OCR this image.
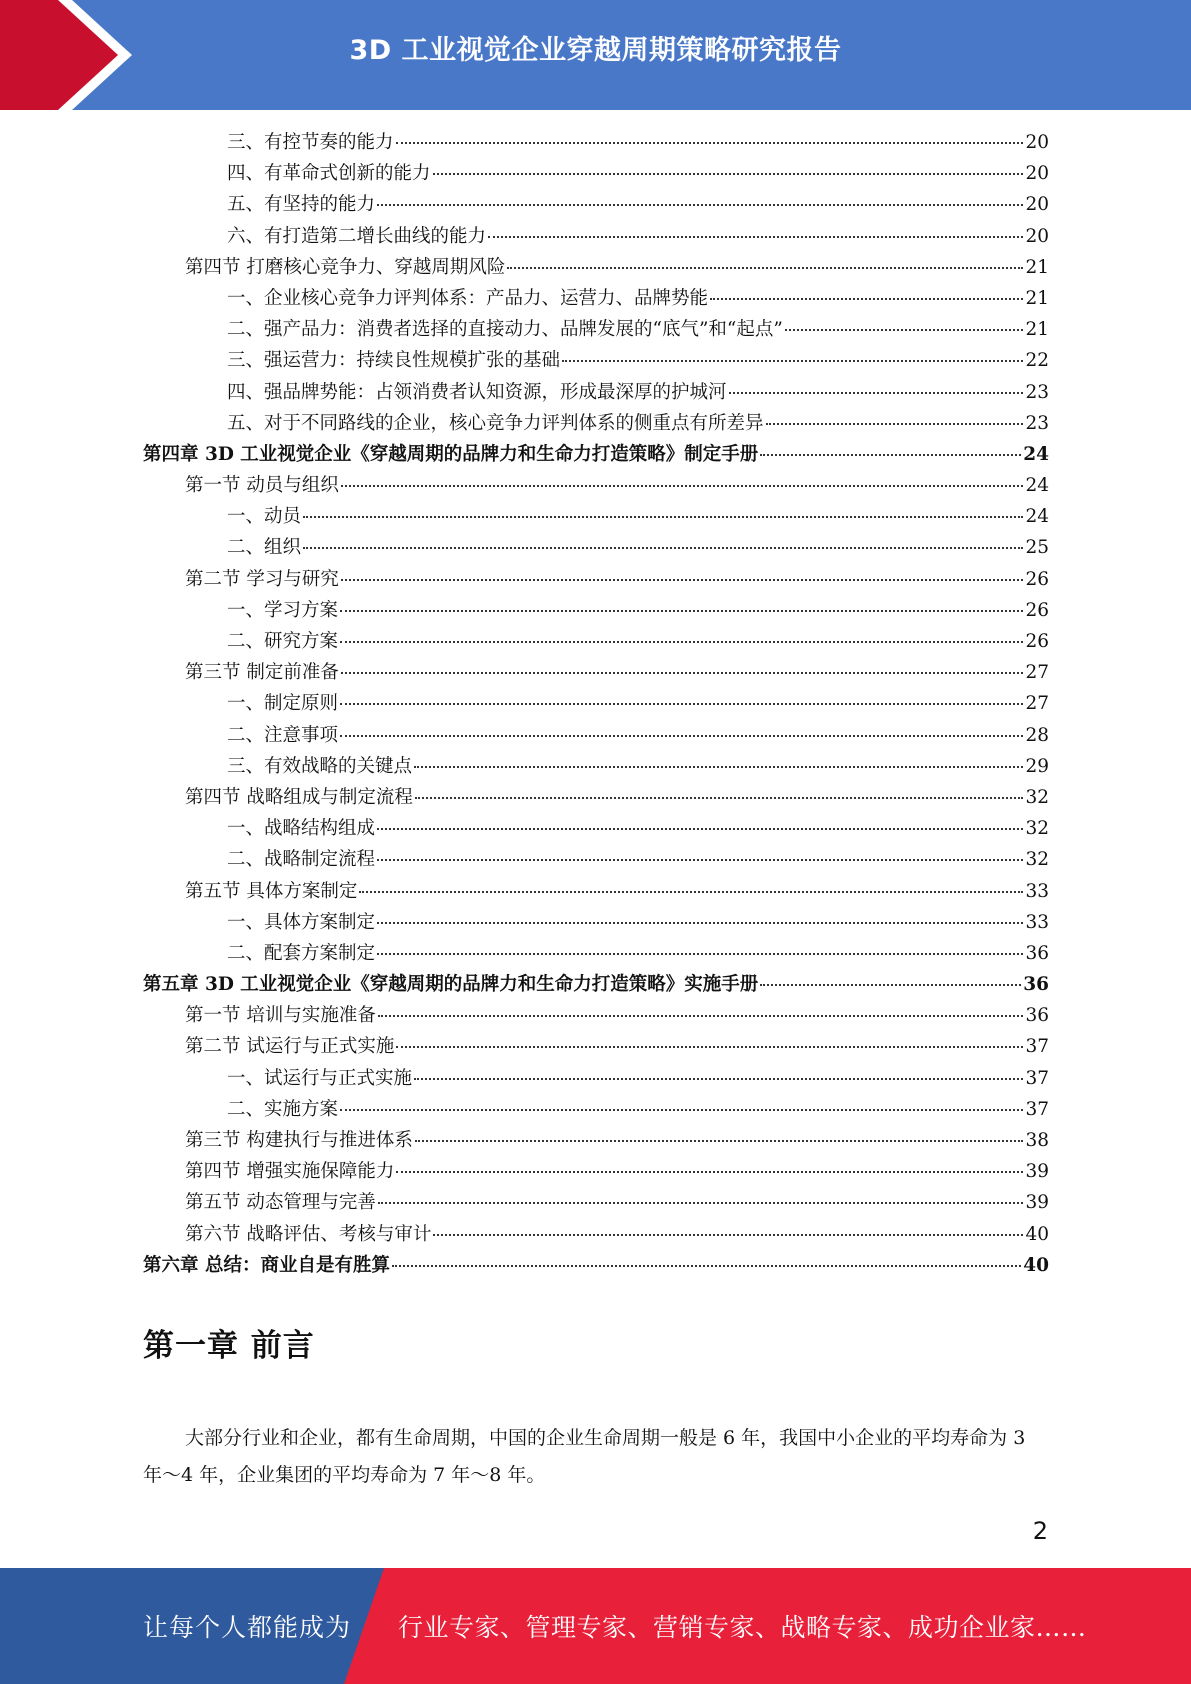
3D 工业视觉企业穿越周期策略研究报告
三、有控节奏的能力	20
四、有革命式创新的能力	20
五、有坚持的能力	20
六、有打造第二增长曲线的能力	20
第四节 打磨核心竞争力、穿越周期风险	21
一、企业核心竞争力评判体系：产品力、运营力、品牌势能	21
二、强产品力：消费者选择的直接动力、品牌发展的“底气”和“起点”	21
三、强运营力：持续良性规模扩张的基础	22
四、强品牌势能：占领消费者认知资源，形成最深厚的护城河	23
五、对于不同路线的企业，核心竞争力评判体系的侧重点有所差异	23
第四章 3D 工业视觉企业《穿越周期的品牌力和生命力打造策略》制定手册	24
第一节 动员与组织	24
一、动员	24
二、组织	25
第二节 学习与研究	26
一、学习方案	26
二、研究方案	26
第三节 制定前准备	27
一、制定原则	27
二、注意事项	28
三、有效战略的关键点	29
第四节 战略组成与制定流程	32
一、战略结构组成	32
二、战略制定流程	32
第五节 具体方案制定	33
一、具体方案制定	33
二、配套方案制定	36
第五章 3D 工业视觉企业《穿越周期的品牌力和生命力打造策略》实施手册	36
第一节 培训与实施准备	36
第二节 试运行与正式实施	37
一、试运行与正式实施	37
二、实施方案	37
第三节 构建执行与推进体系	38
第四节 增强实施保障能力	39
第五节 动态管理与完善	39
第六节 战略评估、考核与审计	40
第六章 总结：商业自是有胜算	40
第一章 前言
大部分行业和企业，都有生命周期，中国的企业生命周期一般是 6 年，我国中小企业的平均寿命为 3 年～4 年，企业集团的平均寿命为 7 年～8 年。
2
让每个人都能成为 行业专家、管理专家、营销专家、战略专家、成功企业家……
